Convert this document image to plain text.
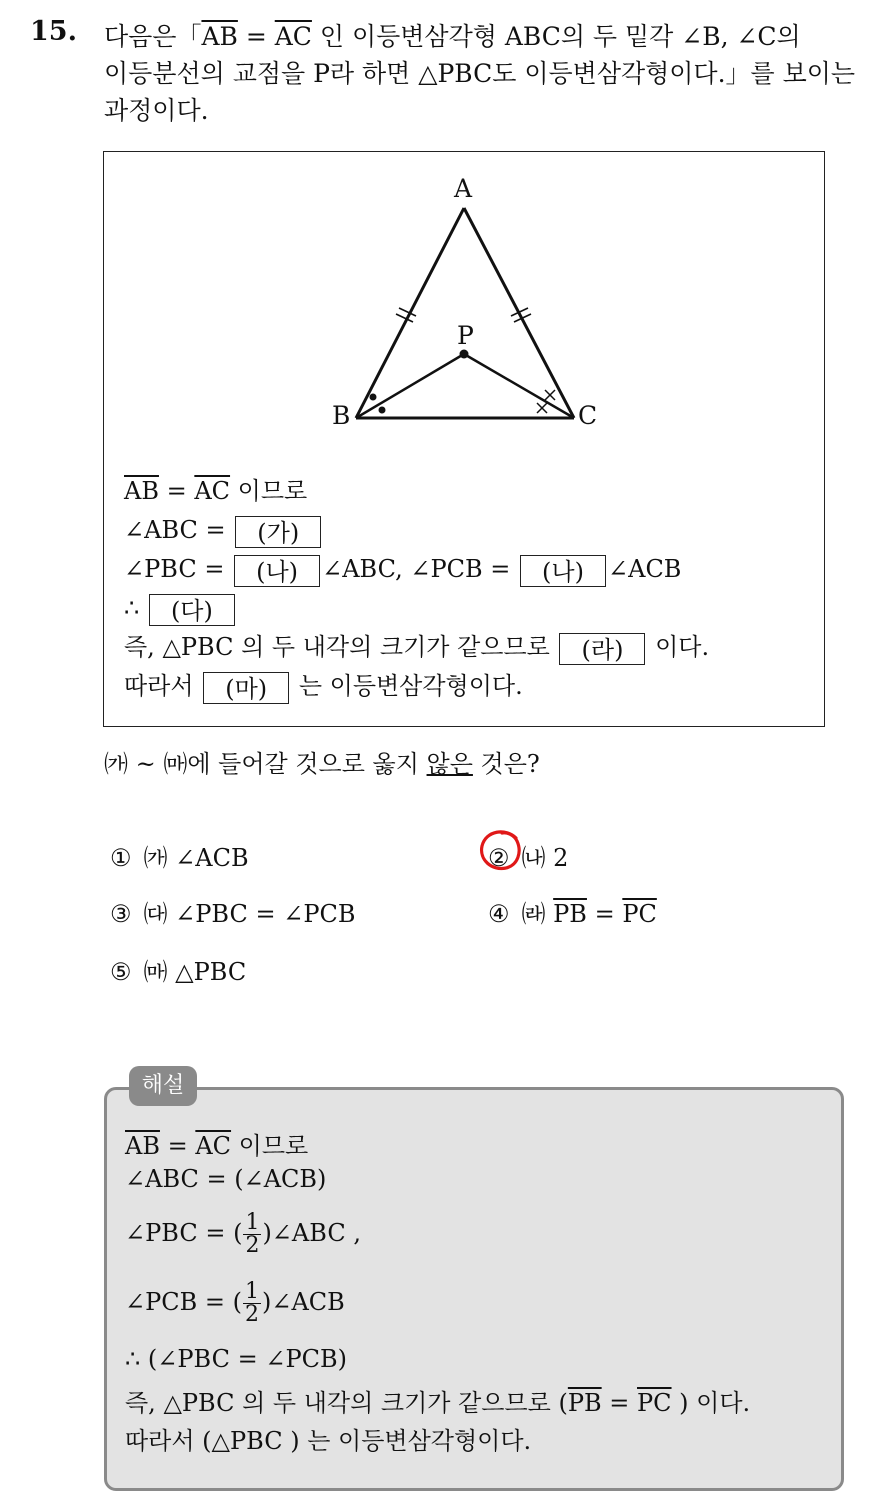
15. 다음은「$\overline{AB} = \overline{AC}$ 인 이등변삼각형 ABC의 두 밑각 ∠B, ∠C의
이등분선의 교점을 P라 하면 △PBC도 이등변삼각형이다.」를 보이는
과정이다.
A
B	C
P
$\overline{AB} = \overline{AC}$ 이므로
∠ABC = (가)
∠PBC = (나) ∠ABC, ∠PCB = (나) ∠ACB
∴ (다)
즉, △PBC 의 두 내각의 크기가 같으므로 (라) 이다.
따라서 (마) 는 이등변삼각형이다.
㈎ ~ ㈒에 들어갈 것으로 옳지 않은 것은?
① ㈎ ∠ACB	② ㈏ 2
③ ㈐ ∠PBC = ∠PCB	④ ㈑ $\overline{PB} = \overline{PC}$
⑤ ㈒ △PBC
해설
$\overline{AB} = \overline{AC}$ 이므로
∠ABC = (∠ACB)
∠PBC = ( $\frac{1}{2}$ )∠ABC ,
∠PCB = ( $\frac{1}{2}$ )∠ACB
∴ (∠PBC = ∠PCB)
즉, △PBC 의 두 내각의 크기가 같으므로 ($\overline{PB} = \overline{PC}$ ) 이다.
따라서 (△PBC ) 는 이등변삼각형이다.
